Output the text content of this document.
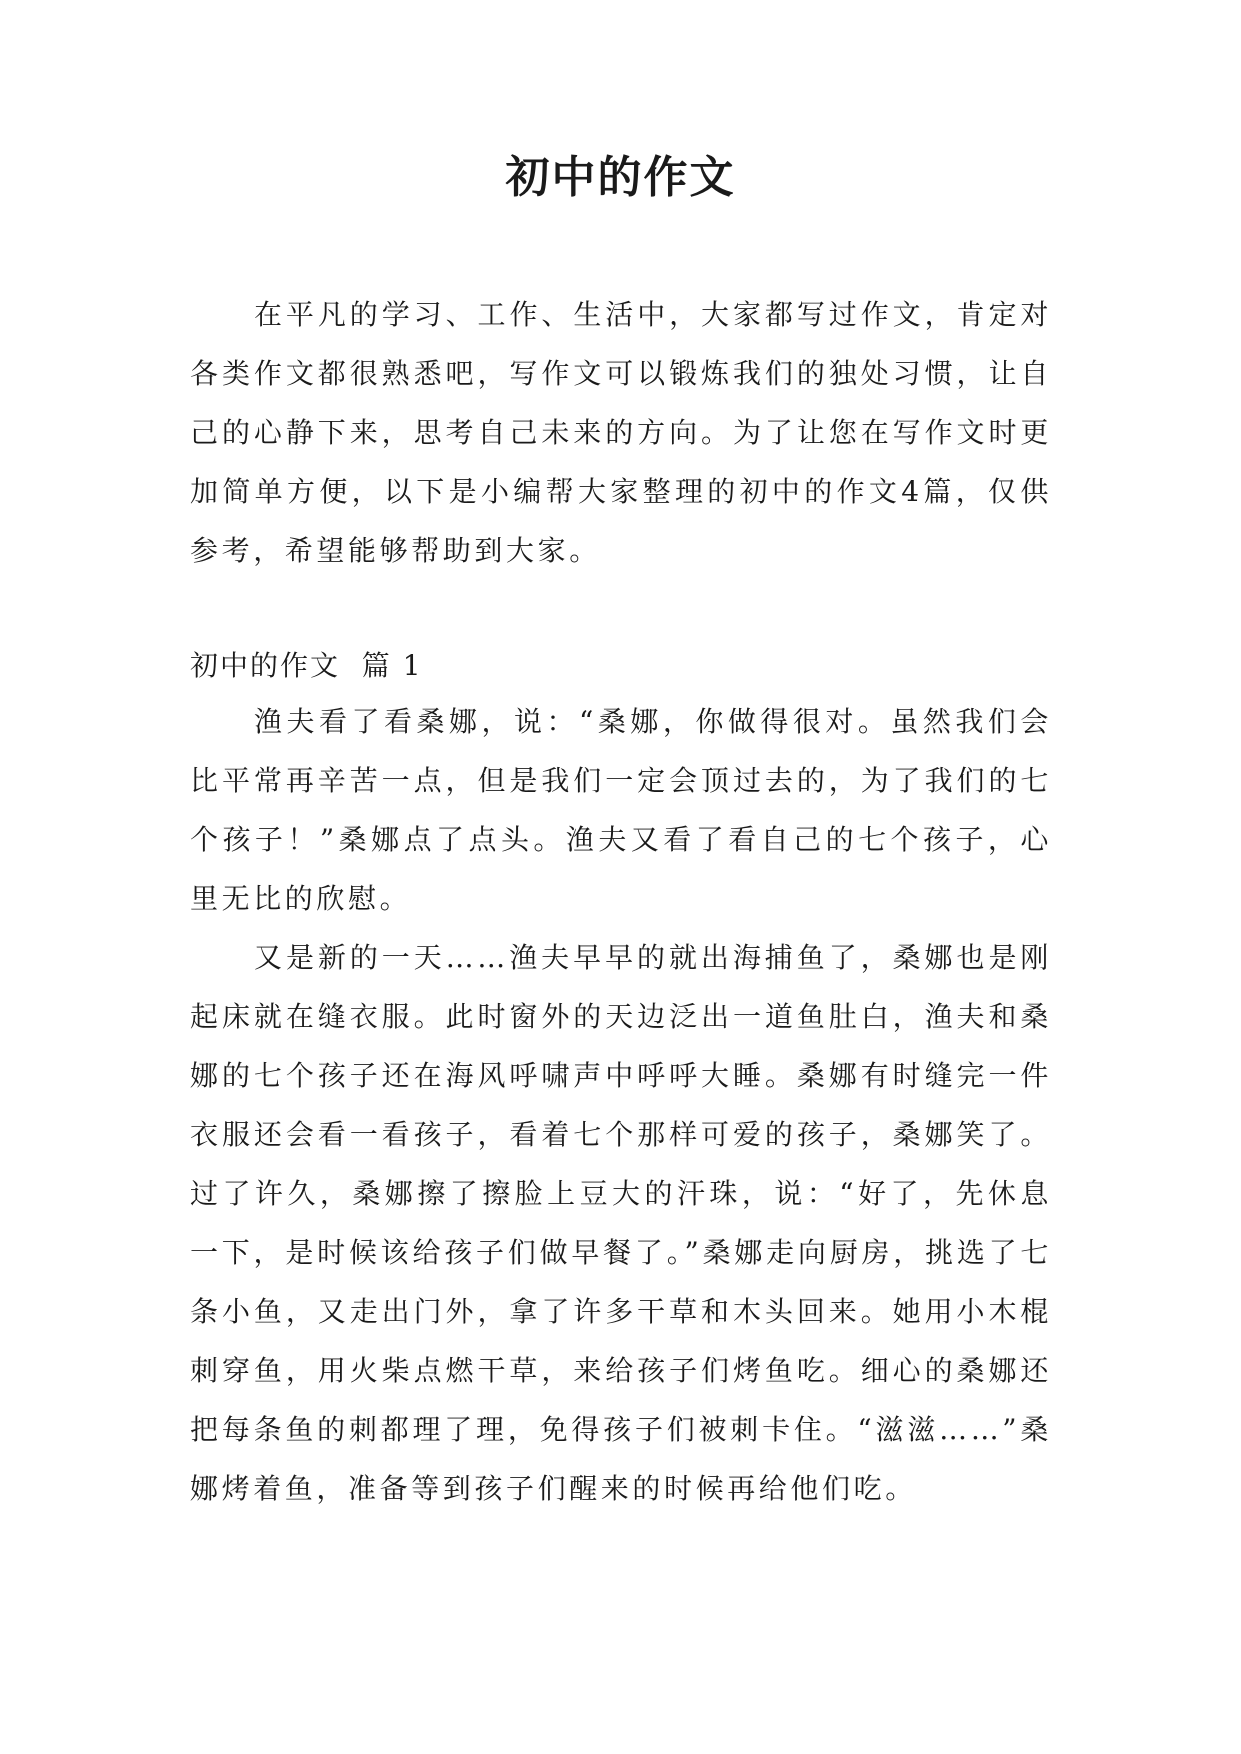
初中的作文

在平凡的学习、工作、生活中，大家都写过作文，肯定对各类作文都很熟悉吧，写作文可以锻炼我们的独处习惯，让自己的心静下来，思考自己未来的方向。为了让您在写作文时更加简单方便，以下是小编帮大家整理的初中的作文4篇，仅供参考，希望能够帮助到大家。

初中的作文  篇 1

渔夫看了看桑娜，说：“桑娜，你做得很对。虽然我们会比平常再辛苦一点，但是我们一定会顶过去的，为了我们的七个孩子！”桑娜点了点头。渔夫又看了看自己的七个孩子，心里无比的欣慰。

又是新的一天……渔夫早早的就出海捕鱼了，桑娜也是刚起床就在缝衣服。此时窗外的天边泛出一道鱼肚白，渔夫和桑娜的七个孩子还在海风呼啸声中呼呼大睡。桑娜有时缝完一件衣服还会看一看孩子，看着七个那样可爱的孩子，桑娜笑了。过了许久，桑娜擦了擦脸上豆大的汗珠，说：“好了，先休息一下，是时候该给孩子们做早餐了。”桑娜走向厨房，挑选了七条小鱼，又走出门外，拿了许多干草和木头回来。她用小木棍刺穿鱼，用火柴点燃干草，来给孩子们烤鱼吃。细心的桑娜还把每条鱼的刺都理了理，免得孩子们被刺卡住。“滋滋……”桑娜烤着鱼，准备等到孩子们醒来的时候再给他们吃。
